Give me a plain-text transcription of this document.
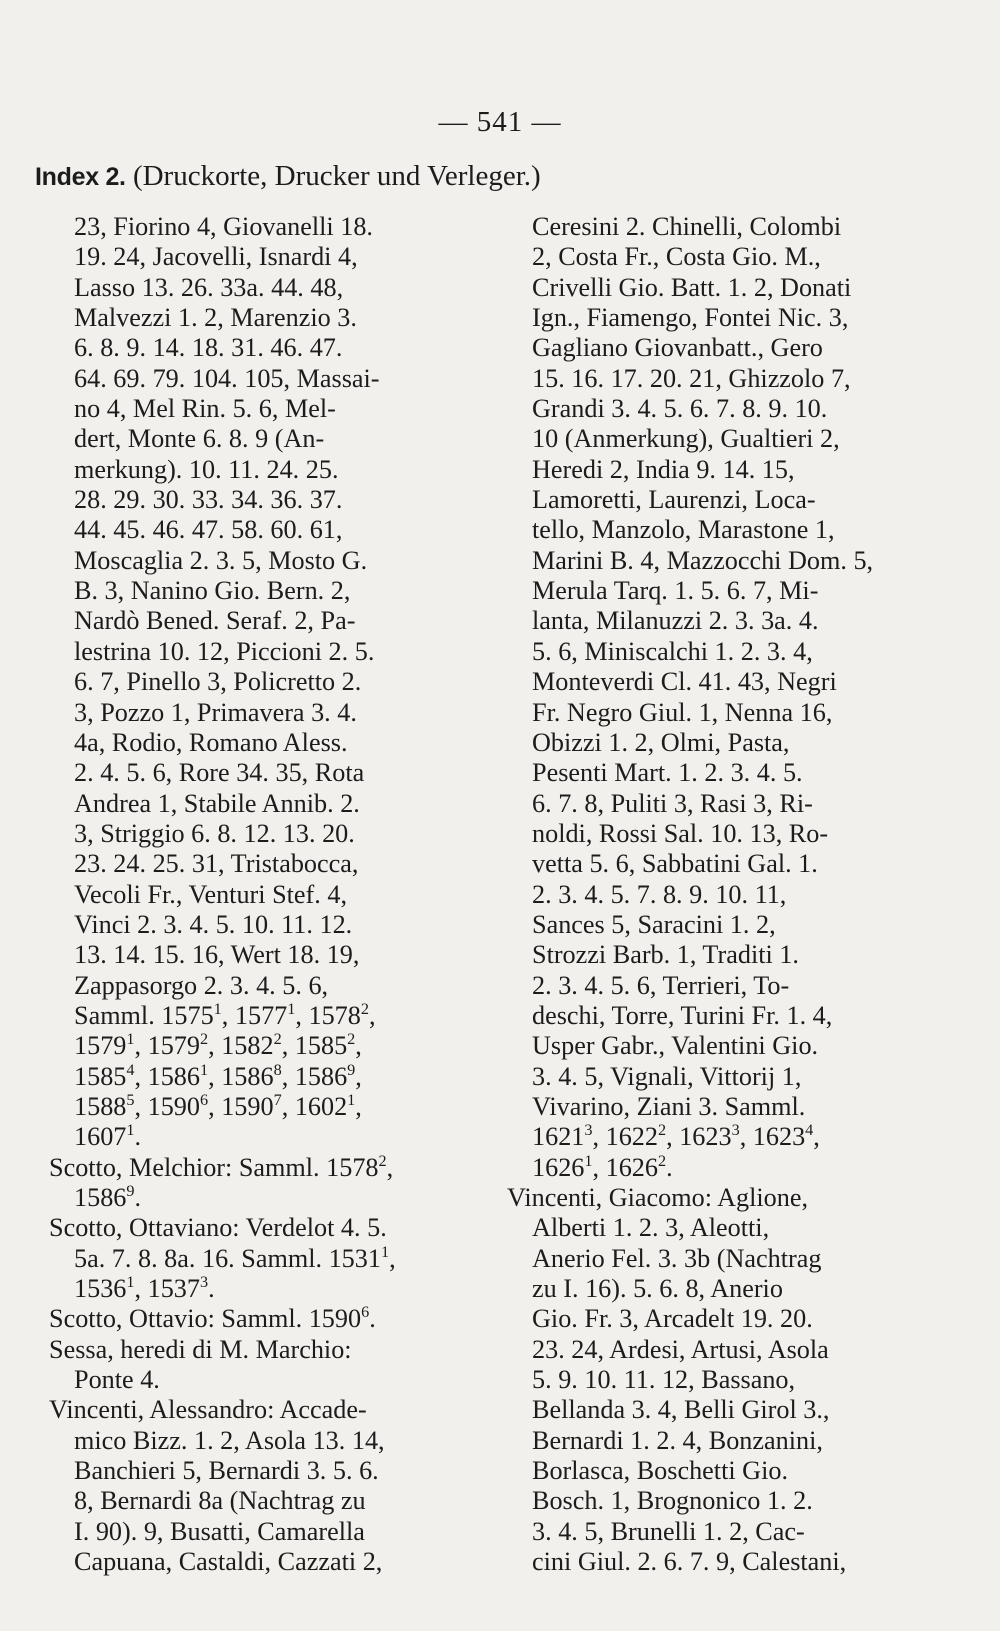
— 541 —
Index 2. (Druckorte, Drucker und Verleger.)
23, Fiorino 4, Giovanelli 18.
19. 24, Jacovelli, Isnardi 4,
Lasso 13. 26. 33a. 44. 48,
Malvezzi 1. 2, Marenzio 3.
6. 8. 9. 14. 18. 31. 46. 47.
64. 69. 79. 104. 105, Massai-
no 4, Mel Rin. 5. 6, Mel-
dert, Monte 6. 8. 9 (An-
merkung). 10. 11. 24. 25.
28. 29. 30. 33. 34. 36. 37.
44. 45. 46. 47. 58. 60. 61,
Moscaglia 2. 3. 5, Mosto G.
B. 3, Nanino Gio. Bern. 2,
Nardò Bened. Seraf. 2, Pa-
lestrina 10. 12, Piccioni 2. 5.
6. 7, Pinello 3, Policretto 2.
3, Pozzo 1, Primavera 3. 4.
4a, Rodio, Romano Aless.
2. 4. 5. 6, Rore 34. 35, Rota
Andrea 1, Stabile Annib. 2.
3, Striggio 6. 8. 12. 13. 20.
23. 24. 25. 31, Tristabocca,
Vecoli Fr., Venturi Stef. 4,
Vinci 2. 3. 4. 5. 10. 11. 12.
13. 14. 15. 16, Wert 18. 19,
Zappasorgo 2. 3. 4. 5. 6,
Samml. 1575$^1$, 1577$^1$, 1578$^2$,
1579$^1$, 1579$^2$, 1582$^2$, 1585$^2$,
1585$^4$, 1586$^1$, 1586$^8$, 1586$^9$,
1588$^5$, 1590$^6$, 1590$^7$, 1602$^1$,
1607$^1$.
Scotto, Melchior: Samml. 1578$^2$,
1586$^9$.
Scotto, Ottaviano: Verdelot 4. 5.
5a. 7. 8. 8a. 16. Samml. 1531$^1$,
1536$^1$, 1537$^3$.
Scotto, Ottavio: Samml. 1590$^6$.
Sessa, heredi di M. Marchio:
Ponte 4.
Vincenti, Alessandro: Accade-
mico Bizz. 1. 2, Asola 13. 14,
Banchieri 5, Bernardi 3. 5. 6.
8, Bernardi 8a (Nachtrag zu
I. 90). 9, Busatti, Camarella
Capuana, Castaldi, Cazzati 2,
Ceresini 2. Chinelli, Colombi
2, Costa Fr., Costa Gio. M.,
Crivelli Gio. Batt. 1. 2, Donati
Ign., Fiamengo, Fontei Nic. 3,
Gagliano Giovanbatt., Gero
15. 16. 17. 20. 21, Ghizzolo 7,
Grandi 3. 4. 5. 6. 7. 8. 9. 10.
10 (Anmerkung), Gualtieri 2,
Heredi 2, India 9. 14. 15,
Lamoretti, Laurenzi, Loca-
tello, Manzolo, Marastone 1,
Marini B. 4, Mazzocchi Dom. 5,
Merula Tarq. 1. 5. 6. 7, Mi-
lanta, Milanuzzi 2. 3. 3a. 4.
5. 6, Miniscalchi 1. 2. 3. 4,
Monteverdi Cl. 41. 43, Negri
Fr. Negro Giul. 1, Nenna 16,
Obizzi 1. 2, Olmi, Pasta,
Pesenti Mart. 1. 2. 3. 4. 5.
6. 7. 8, Puliti 3, Rasi 3, Ri-
noldi, Rossi Sal. 10. 13, Ro-
vetta 5. 6, Sabbatini Gal. 1.
2. 3. 4. 5. 7. 8. 9. 10. 11,
Sances 5, Saracini 1. 2,
Strozzi Barb. 1, Traditi 1.
2. 3. 4. 5. 6, Terrieri, To-
deschi, Torre, Turini Fr. 1. 4,
Usper Gabr., Valentini Gio.
3. 4. 5, Vignali, Vittorij 1,
Vivarino, Ziani 3. Samml.
1621$^3$, 1622$^2$, 1623$^3$, 1623$^4$,
1626$^1$, 1626$^2$.
Vincenti, Giacomo: Aglione,
Alberti 1. 2. 3, Aleotti,
Anerio Fel. 3. 3b (Nachtrag
zu I. 16). 5. 6. 8, Anerio
Gio. Fr. 3, Arcadelt 19. 20.
23. 24, Ardesi, Artusi, Asola
5. 9. 10. 11. 12, Bassano,
Bellanda 3. 4, Belli Girol 3.,
Bernardi 1. 2. 4, Bonzanini,
Borlasca, Boschetti Gio.
Bosch. 1, Brognonico 1. 2.
3. 4. 5, Brunelli 1. 2, Cac-
cini Giul. 2. 6. 7. 9, Calestani,
